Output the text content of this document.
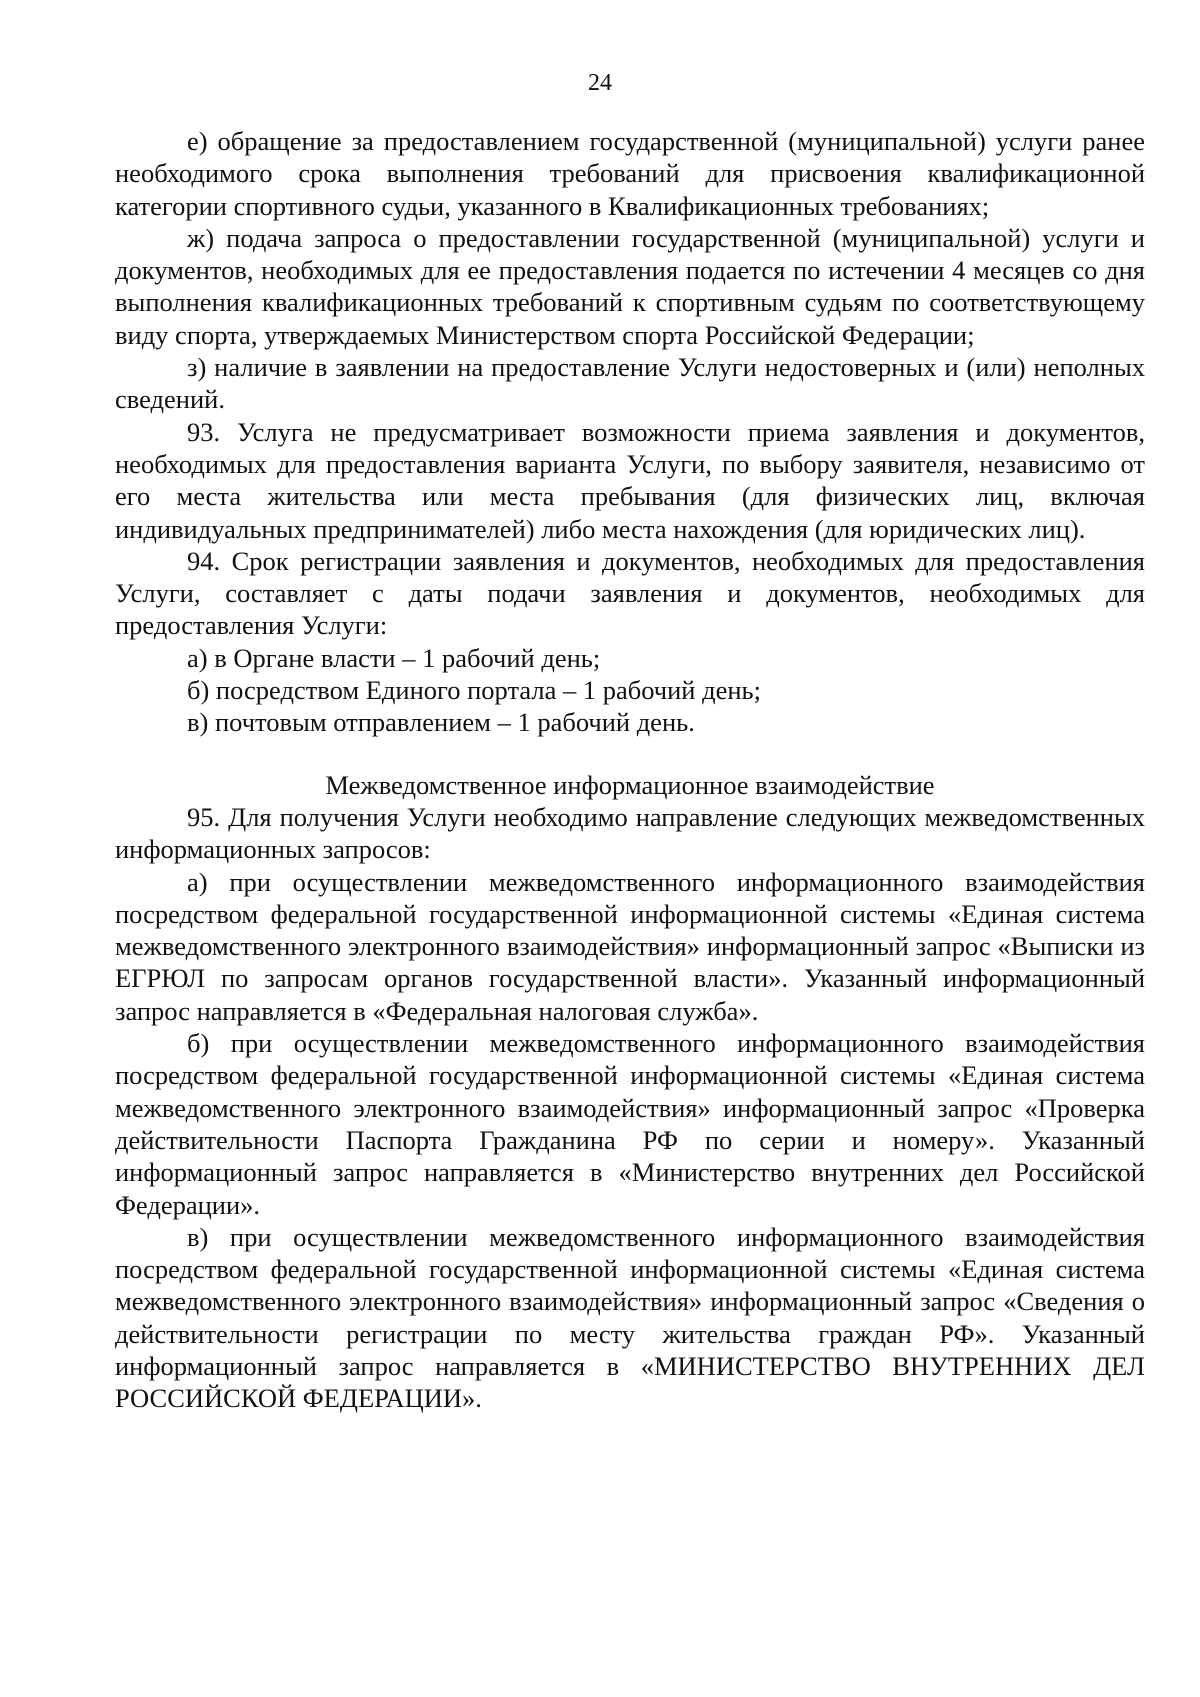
24

е) обращение за предоставлением государственной (муниципальной) услуги ранее необходимого срока выполнения требований для присвоения квалификационной категории спортивного судьи, указанного в Квалификационных требованиях;

ж) подача запроса о предоставлении государственной (муниципальной) услуги и документов, необходимых для ее предоставления подается по истечении 4 месяцев со дня выполнения квалификационных требований к спортивным судьям по соответствующему виду спорта, утверждаемых Министерством спорта Российской Федерации;

з) наличие в заявлении на предоставление Услуги недостоверных и (или) неполных сведений.

93. Услуга не предусматривает возможности приема заявления и документов, необходимых для предоставления варианта Услуги, по выбору заявителя, независимо от его места жительства или места пребывания (для физических лиц, включая индивидуальных предпринимателей) либо места нахождения (для юридических лиц).

94. Срок регистрации заявления и документов, необходимых для предоставления Услуги, составляет с даты подачи заявления и документов, необходимых для предоставления Услуги:

а) в Органе власти – 1 рабочий день;

б) посредством Единого портала – 1 рабочий день;

в) почтовым отправлением – 1 рабочий день.

Межведомственное информационное взаимодействие

95. Для получения Услуги необходимо направление следующих межведомственных информационных запросов:

а) при осуществлении межведомственного информационного взаимодействия посредством федеральной государственной информационной системы «Единая система межведомственного электронного взаимодействия» информационный запрос «Выписки из ЕГРЮЛ по запросам органов государственной власти». Указанный информационный запрос направляется в «Федеральная налоговая служба».

б) при осуществлении межведомственного информационного взаимодействия посредством федеральной государственной информационной системы «Единая система межведомственного электронного взаимодействия» информационный запрос «Проверка действительности Паспорта Гражданина РФ по серии и номеру». Указанный информационный запрос направляется в «Министерство внутренних дел Российской Федерации».

в) при осуществлении межведомственного информационного взаимодействия посредством федеральной государственной информационной системы «Единая система межведомственного электронного взаимодействия» информационный запрос «Сведения о действительности регистрации по месту жительства граждан РФ». Указанный информационный запрос направляется в «МИНИСТЕРСТВО ВНУТРЕННИХ ДЕЛ РОССИЙСКОЙ ФЕДЕРАЦИИ».
